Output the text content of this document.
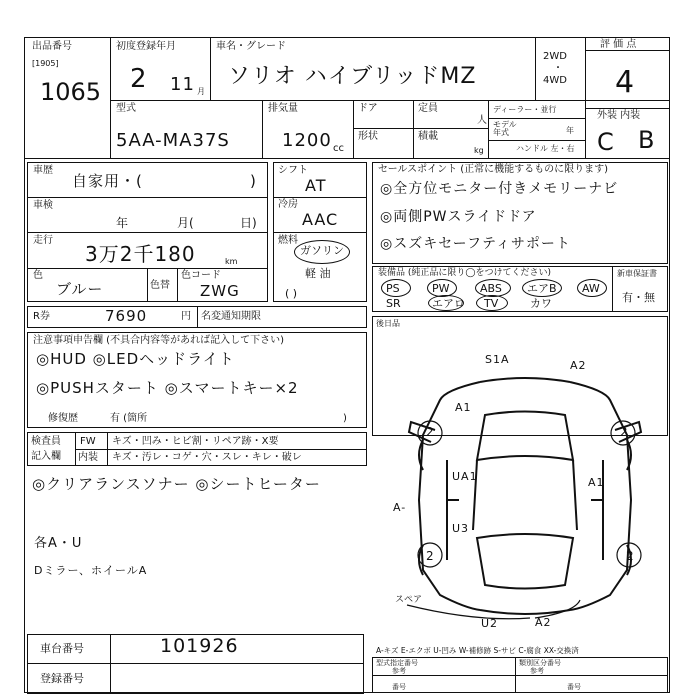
出品番号
[1905]
1065
初度登録年月
2 11 月
車名・グレード
ソリオ ハイブリッドMZ
2WD
・
4WD
評 価 点
4
型式
5AA-MA37S
排気量
1200 cc
ドア
形状
定員
人
積載
kg
ディーラー・並行
モデル
年式	年
ハンドル 左・右
外装 内装
C B
車歴
自家用・(	)
車検
年	月(	日)
走行
3万2千180	km
色
ブルー	色替
色コード
ZWG
シフト
AT
冷房
AAC
燃料
ガソリン
軽 油
( )
R券	7690	円 名変通知期限
セールスポイント (正常に機能するものに限ります)
◎全方位モニター付きメモリーナビ
◎両側PWスライドドア
◎スズキセーフティサポート
装備品 (純正品に限り◯をつけてください)
PS	PW	ABS エアB AW
SR	エアロ TV	カワ
新車保証書
有・無
後日品
注意事項申告欄 (不具合内容等があれば記入して下さい)
◎HUD ◎LEDヘッドライト
◎PUSHスタート ◎スマートキー×2
修復歴	有 (箇所	)
検査員
記入欄
FW キズ・凹み・ヒビ割・リペア跡・X要
内装 キズ・汚レ・コゲ・穴・スレ・キレ・破レ
◎クリアランスソナー ◎シートヒーター
各A・U
Dミラー、ホイールA
S1A	A2
A1
2	2
UA1	A1
A-
U3
2	2
U2	A2
スペア
車台番号	101926
登録番号
A-キズ E-エクボ U-凹み W-補修跡 S-サビ C-腐食 XX-交換済
型式指定番号
参考
類別区分番号
参考
番号	番号
